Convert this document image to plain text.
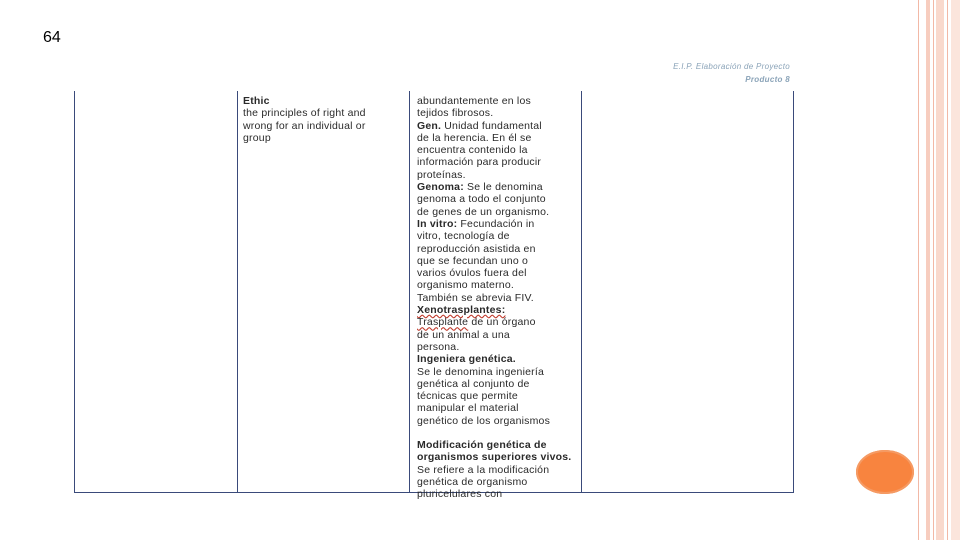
64
E.I.P. Elaboración de Proyecto
Producto 8
Ethic
the principles of right and
wrong for an individual or
group
abundantemente en los
tejidos fibrosos.
Gen. Unidad fundamental
de la herencia. En él se
encuentra contenido la
información para producir
proteínas.
Genoma: Se le denomina
genoma a todo el conjunto
de genes de un organismo.
In vitro: Fecundación in
vitro, tecnología de
reproducción asistida en
que se fecundan uno o
varios óvulos fuera del
organismo materno.
También se abrevia FIV.
Xenotrasplantes:
Trasplante de un órgano
de un animal a una
persona.
Ingeniera genética.
Se le denomina ingeniería
genética al conjunto de
técnicas que permite
manipular el material
genético de los organismos
Modificación genética de
organismos superiores vivos.
Se refiere a la modificación
genética de organismo
pluricelulares con
